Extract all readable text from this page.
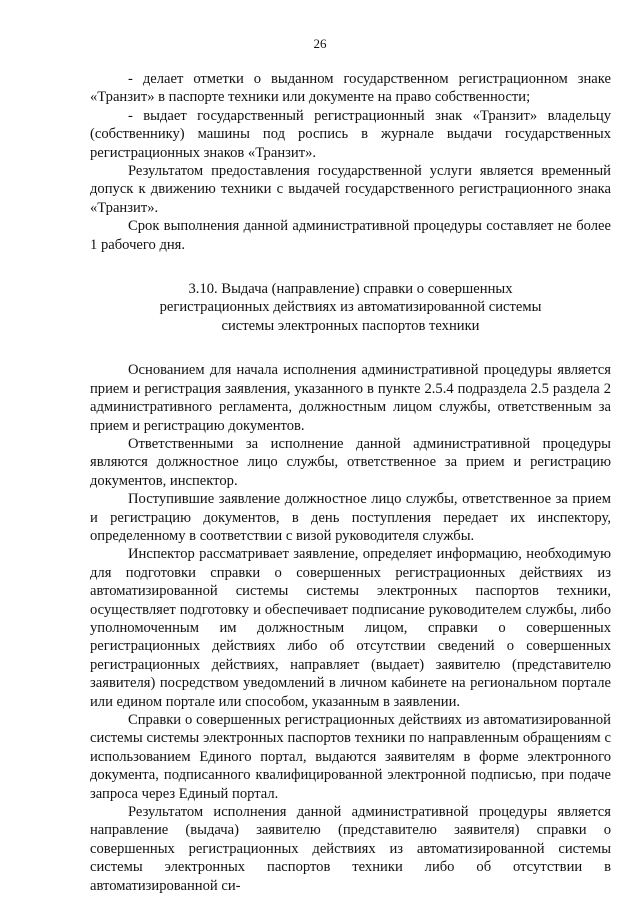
26

- делает отметки о выданном государственном регистрационном знаке «Транзит» в паспорте техники или документе на право собственности;

- выдает государственный регистрационный знак «Транзит» владельцу (собственнику) машины под роспись в журнале выдачи государственных регистрационных знаков «Транзит».

Результатом предоставления государственной услуги является временный допуск к движению техники с выдачей государственного регистрационного знака «Транзит».

Срок выполнения данной административной процедуры составляет не более 1 рабочего дня.

3.10. Выдача (направление) справки о совершенных
регистрационных действиях из автоматизированной системы
системы электронных паспортов техники

Основанием для начала исполнения административной процедуры является прием и регистрация заявления, указанного в пункте 2.5.4 подраздела 2.5 раздела 2 административного регламента, должностным лицом службы, ответственным за прием и регистрацию документов.

Ответственными за исполнение данной административной процедуры являются должностное лицо службы, ответственное за прием и регистрацию документов, инспектор.

Поступившие заявление должностное лицо службы, ответственное за прием и регистрацию документов, в день поступления передает их инспектору, определенному в соответствии с визой руководителя службы.

Инспектор рассматривает заявление, определяет информацию, необходимую для подготовки справки о совершенных регистрационных действиях из автоматизированной системы системы электронных паспортов техники, осуществляет подготовку и обеспечивает подписание руководителем службы, либо уполномоченным им должностным лицом, справки о совершенных регистрационных действиях либо об отсутствии сведений о совершенных регистрационных действиях, направляет (выдает) заявителю (представителю заявителя) посредством уведомлений в личном кабинете на региональном портале или едином портале или способом, указанным в заявлении.

Справки о совершенных регистрационных действиях из автоматизированной системы системы электронных паспортов техники по направленным обращениям с использованием Единого портал, выдаются заявителям в форме электронного документа, подписанного квалифицированной электронной подписью, при подаче запроса через Единый портал.

Результатом исполнения данной административной процедуры является направление (выдача) заявителю (представителю заявителя) справки о совершенных регистрационных действиях из автоматизированной системы системы электронных паспортов техники либо об отсутствии в автоматизированной си-
